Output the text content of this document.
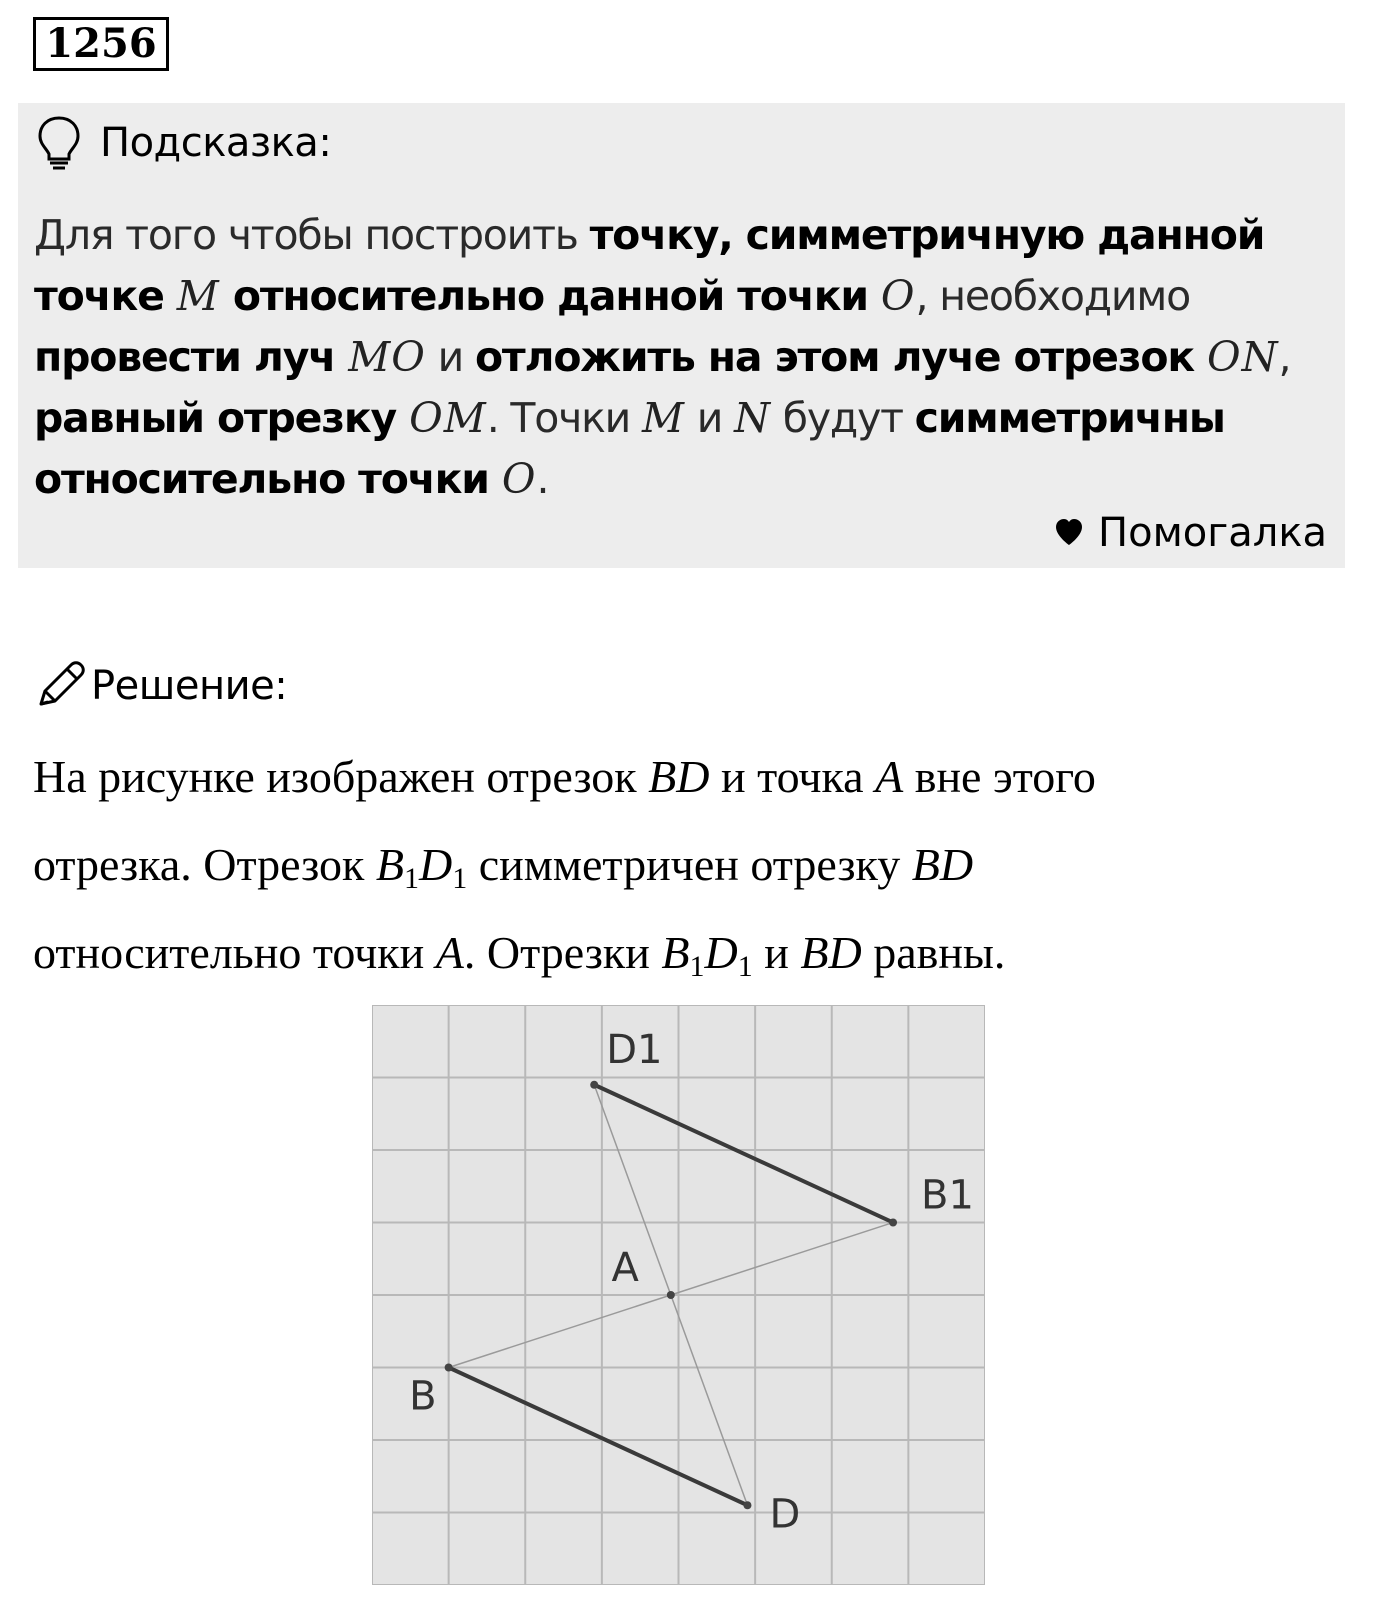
1256
Подсказка:
Для того чтобы построить точку, симметричную данной
точке M относительно данной точки O, необходимо
провести луч MO и отложить на этом луче отрезок ON,
равный отрезку OM. Точки M и N будут симметричны
относительно точки O.
Помогалка
Решение:
На рисунке изображен отрезок BD и точка A вне этого
отрезка. Отрезок $B_1D_1$ симметричен отрезку BD
относительно точки A. Отрезки $B_1D_1$ и BD равны.
D1
B1
A
B
D
